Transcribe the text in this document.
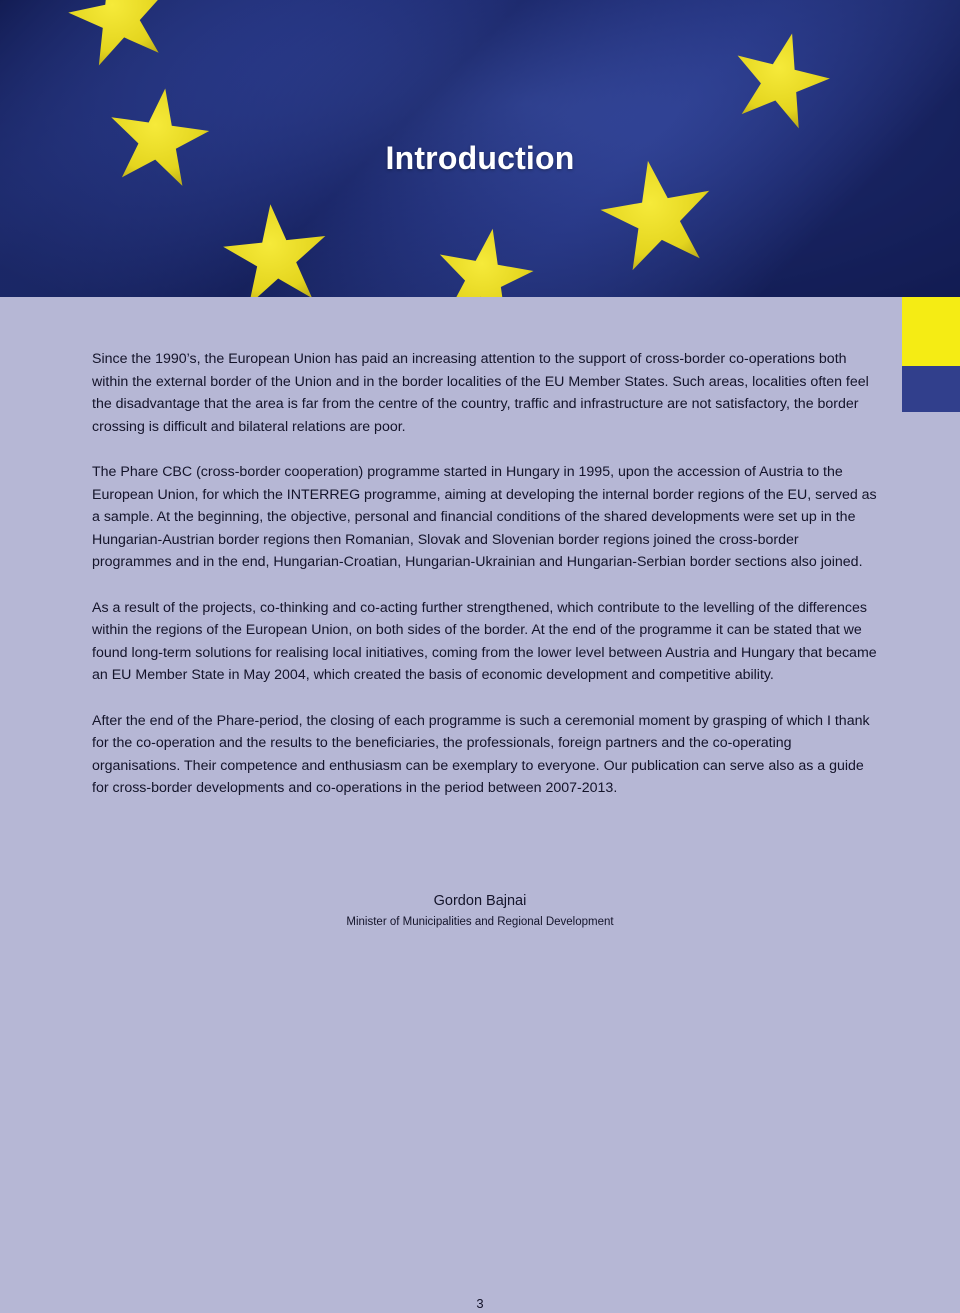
Introduction

Since the 1990’s, the European Union has paid an increasing attention to the support of cross-border co-operations both within the external border of the Union and in the border localities of the EU Member States. Such areas, localities often feel the disadvantage that the area is far from the centre of the country, traffic and infrastructure are not satisfactory, the border crossing is difficult and bilateral relations are poor.

The Phare CBC (cross-border cooperation) programme started in Hungary in 1995, upon the accession of Austria to the European Union, for which the INTERREG programme, aiming at developing the internal border regions of the EU, served as a sample. At the beginning, the objective, personal and financial conditions of the shared developments were set up in the Hungarian-Austrian border regions then Romanian, Slovak and Slovenian border regions joined the cross-border programmes and in the end, Hungarian-Croatian, Hungarian-Ukrainian and Hungarian-Serbian border sections also joined.

As a result of the projects, co-thinking and co-acting further strengthened, which contribute to the levelling of the differences within the regions of the European Union, on both sides of the border. At the end of the programme it can be stated that we found long-term solutions for realising local initiatives, coming from the lower level between Austria and Hungary that became an EU Member State in May 2004, which created the basis of economic development and competitive ability.

After the end of the Phare-period, the closing of each programme is such a ceremonial moment by grasping of which I thank for the co-operation and the results to the beneficiaries, the professionals, foreign partners and the co-operating organisations. Their competence and enthusiasm can be exemplary to everyone. Our publication can serve also as a guide for cross-border developments and co-operations in the period between 2007-2013.

Gordon Bajnai
Minister of Municipalities and Regional Development
3
